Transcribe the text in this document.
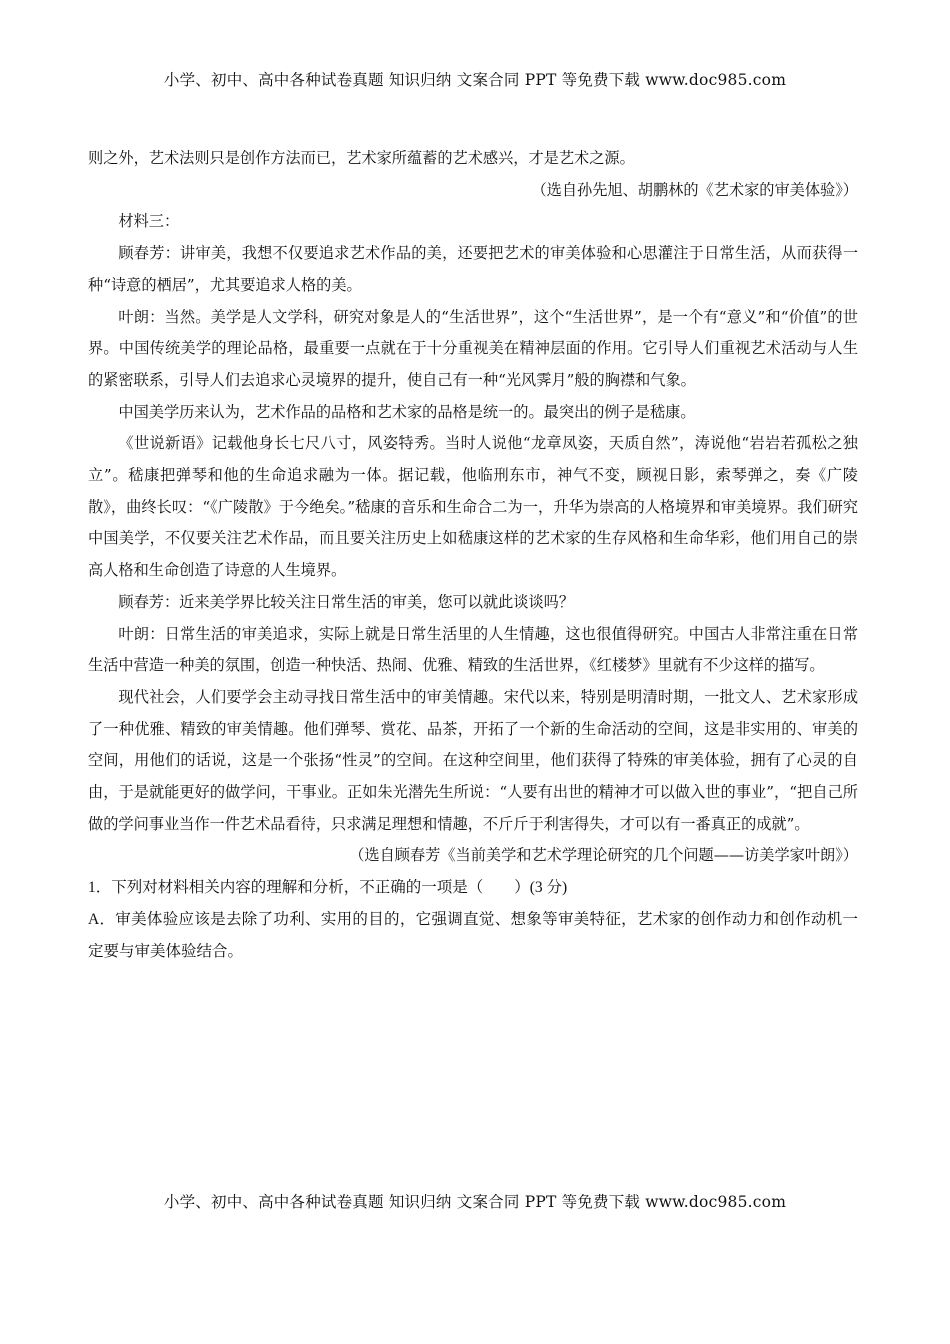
小学、初中、高中各种试卷真题 知识归纳 文案合同 PPT 等免费下载 www.doc985.com

则之外，艺术法则只是创作方法而已，艺术家所蕴蓄的艺术感兴，才是艺术之源。

（选自孙先旭、胡鹏林的《艺术家的审美体验》）

材料三：

顾春芳：讲审美，我想不仅要追求艺术作品的美，还要把艺术的审美体验和心思灌注于日常生活，从而获得一种“诗意的栖居”，尤其要追求人格的美。

叶朗：当然。美学是人文学科，研究对象是人的“生活世界”，这个“生活世界”，是一个有“意义”和“价值”的世界。中国传统美学的理论品格，最重要一点就在于十分重视美在精神层面的作用。它引导人们重视艺术活动与人生的紧密联系，引导人们去追求心灵境界的提升，使自己有一种“光风霁月”般的胸襟和气象。

中国美学历来认为，艺术作品的品格和艺术家的品格是统一的。最突出的例子是嵇康。

《世说新语》记载他身长七尺八寸，风姿特秀。当时人说他“龙章凤姿，天质自然”，涛说他“岩岩若孤松之独立”。嵇康把弹琴和他的生命追求融为一体。据记载，他临刑东市，神气不变，顾视日影，索琴弹之，奏《广陵散》，曲终长叹：“《广陵散》于今绝矣。”嵇康的音乐和生命合二为一，升华为崇高的人格境界和审美境界。我们研究中国美学，不仅要关注艺术作品，而且要关注历史上如嵇康这样的艺术家的生存风格和生命华彩，他们用自己的崇高人格和生命创造了诗意的人生境界。

顾春芳：近来美学界比较关注日常生活的审美，您可以就此谈谈吗？

叶朗：日常生活的审美追求，实际上就是日常生活里的人生情趣，这也很值得研究。中国古人非常注重在日常生活中营造一种美的氛围，创造一种快活、热闹、优雅、精致的生活世界，《红楼梦》里就有不少这样的描写。

现代社会，人们要学会主动寻找日常生活中的审美情趣。宋代以来，特别是明清时期，一批文人、艺术家形成了一种优雅、精致的审美情趣。他们弹琴、赏花、品茶，开拓了一个新的生命活动的空间，这是非实用的、审美的空间，用他们的话说，这是一个张扬“性灵”的空间。在这种空间里，他们获得了特殊的审美体验，拥有了心灵的自由，于是就能更好的做学问，干事业。正如朱光潜先生所说：“人要有出世的精神才可以做入世的事业”，“把自己所做的学问事业当作一件艺术品看待，只求满足理想和情趣，不斤斤于利害得失，才可以有一番真正的成就”。

（选自顾春芳《当前美学和艺术学理论研究的几个问题——访美学家叶朗》）

1．下列对材料相关内容的理解和分析，不正确的一项是（　　）(3 分)

A．审美体验应该是去除了功利、实用的目的，它强调直觉、想象等审美特征，艺术家的创作动力和创作动机一定要与审美体验结合。

小学、初中、高中各种试卷真题 知识归纳 文案合同 PPT 等免费下载 www.doc985.com
